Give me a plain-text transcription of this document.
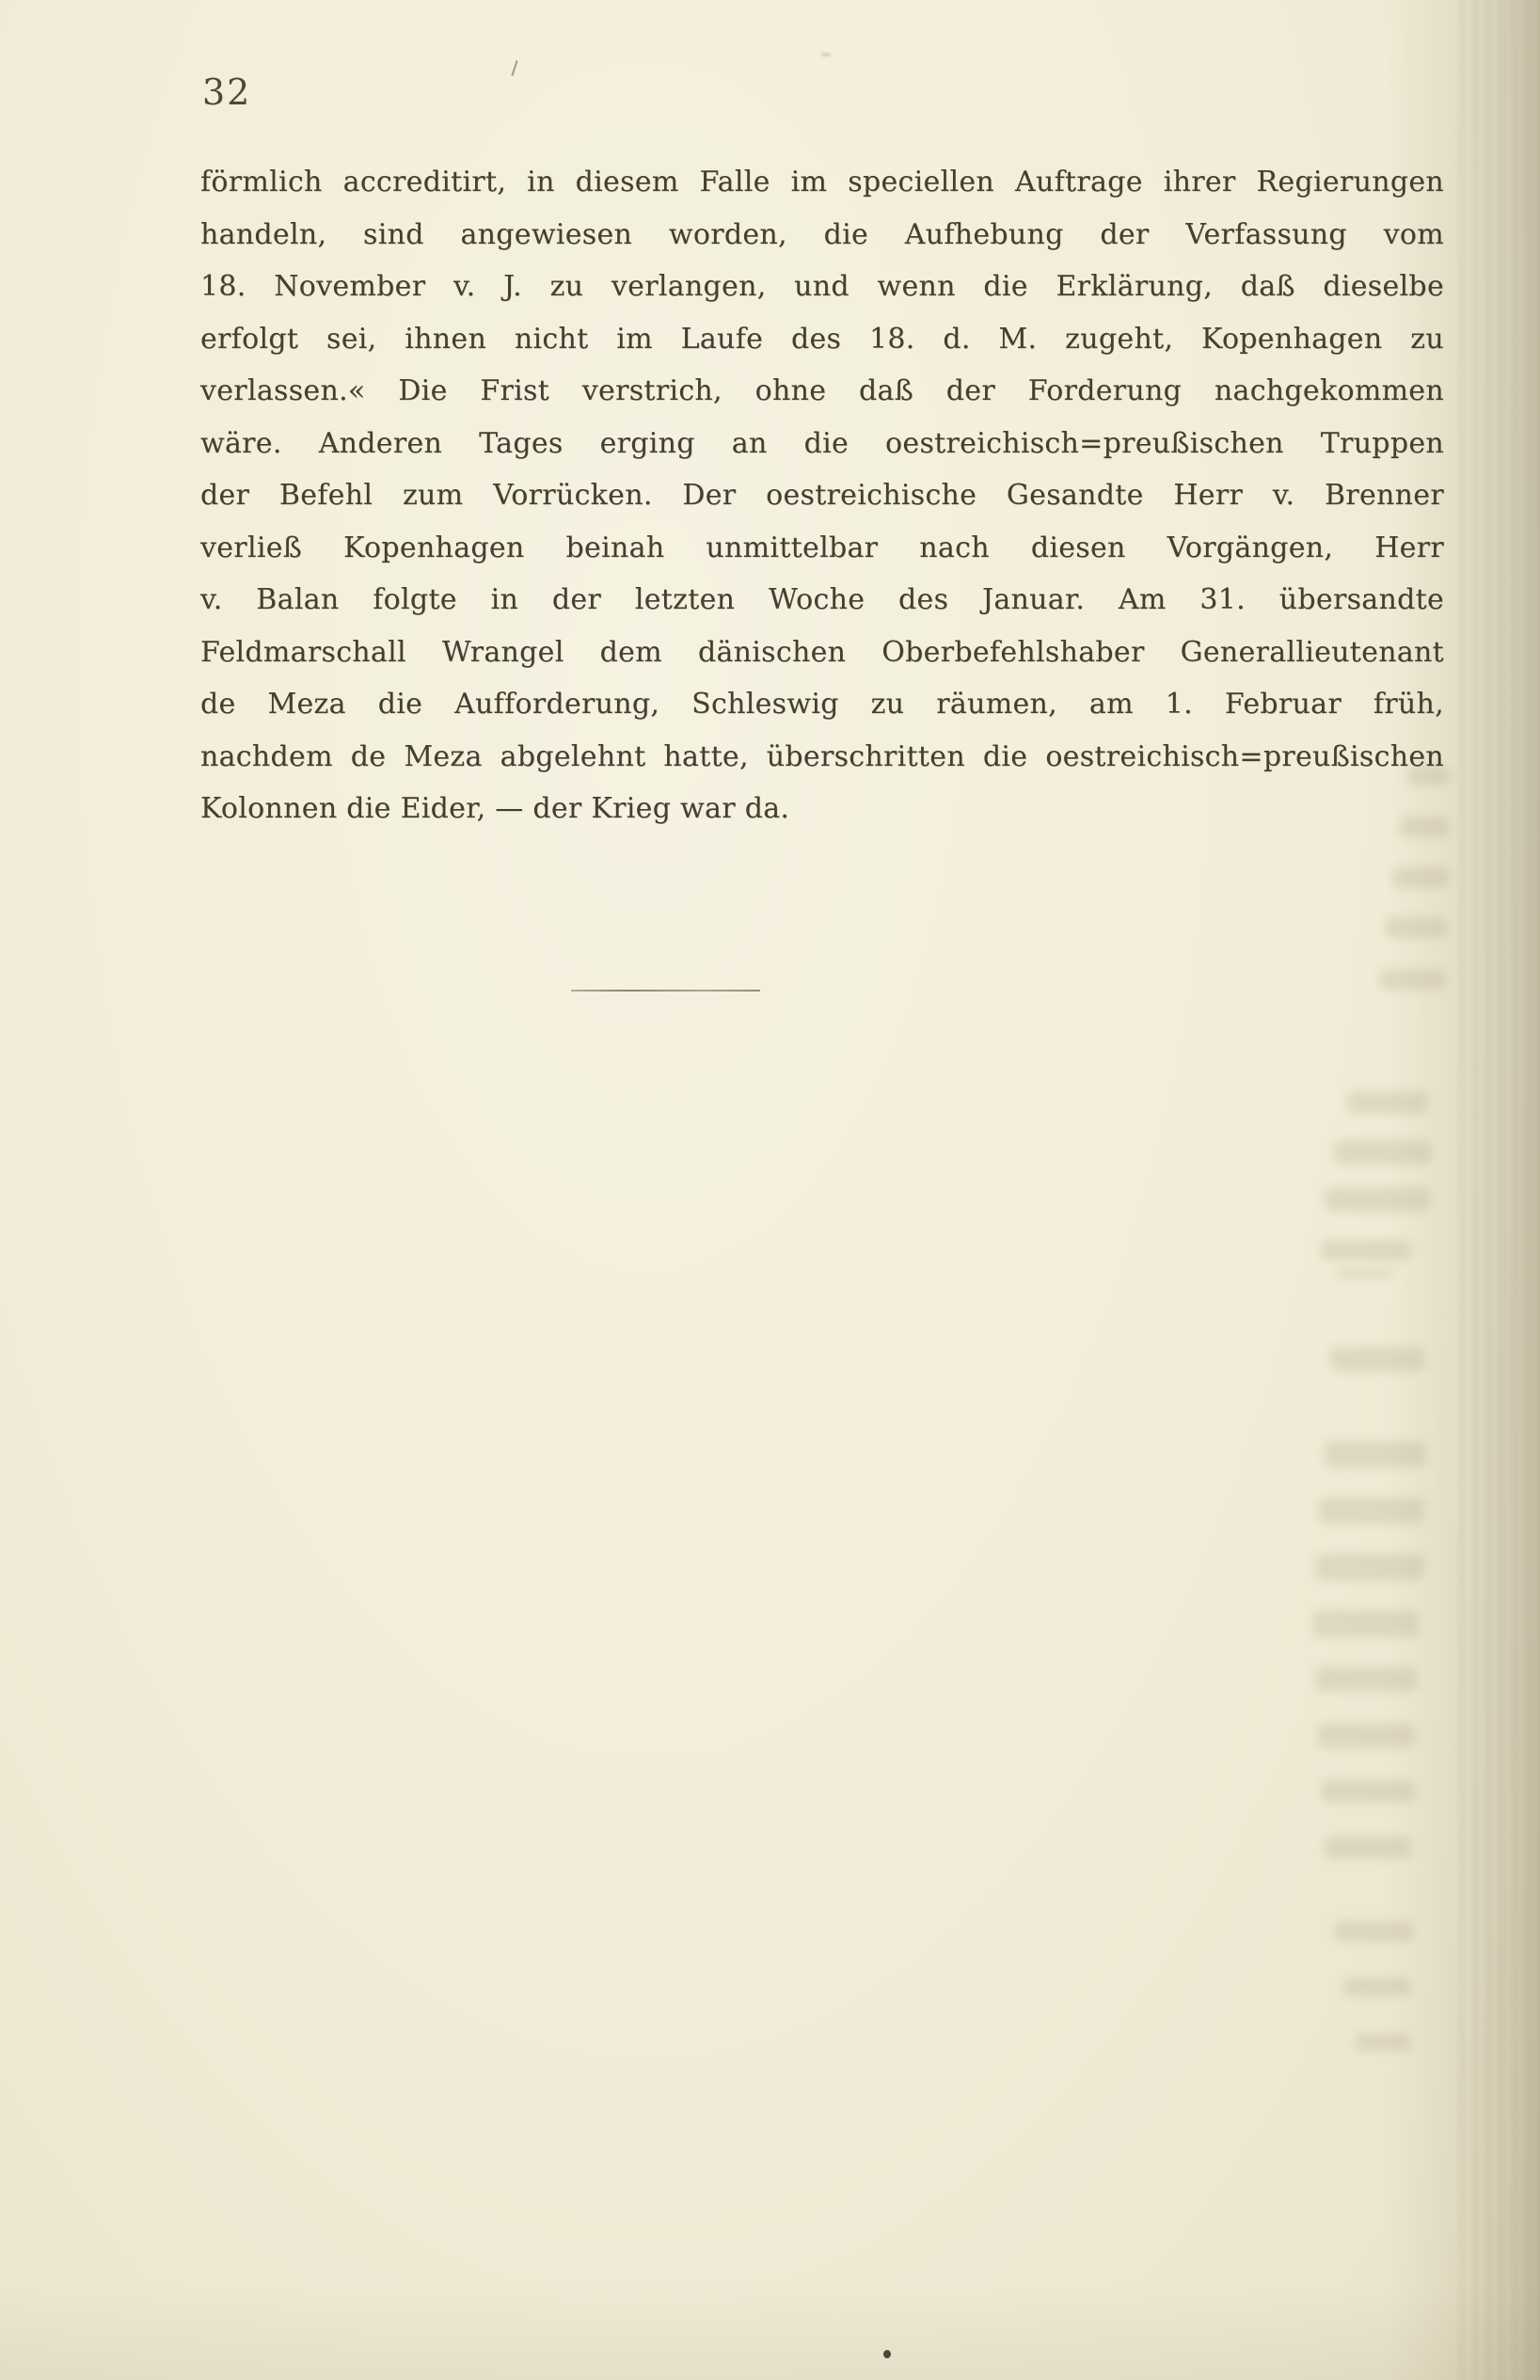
32
förmlich accreditirt, in diesem Falle im speciellen Auftrage ihrer Regierungen
handeln, sind angewiesen worden, die Aufhebung der Verfassung vom
18. November v. J. zu verlangen, und wenn die Erklärung, daß dieselbe
erfolgt sei, ihnen nicht im Laufe des 18. d. M. zugeht, Kopenhagen zu
verlassen.« Die Frist verstrich, ohne daß der Forderung nachgekommen
wäre. Anderen Tages erging an die oestreichisch=preußischen Truppen
der Befehl zum Vorrücken. Der oestreichische Gesandte Herr v. Brenner
verließ Kopenhagen beinah unmittelbar nach diesen Vorgängen, Herr
v. Balan folgte in der letzten Woche des Januar. Am 31. übersandte
Feldmarschall Wrangel dem dänischen Oberbefehlshaber Generallieutenant
de Meza die Aufforderung, Schleswig zu räumen, am 1. Februar früh,
nachdem de Meza abgelehnt hatte, überschritten die oestreichisch=preußischen
Kolonnen die Eider, — der Krieg war da.
